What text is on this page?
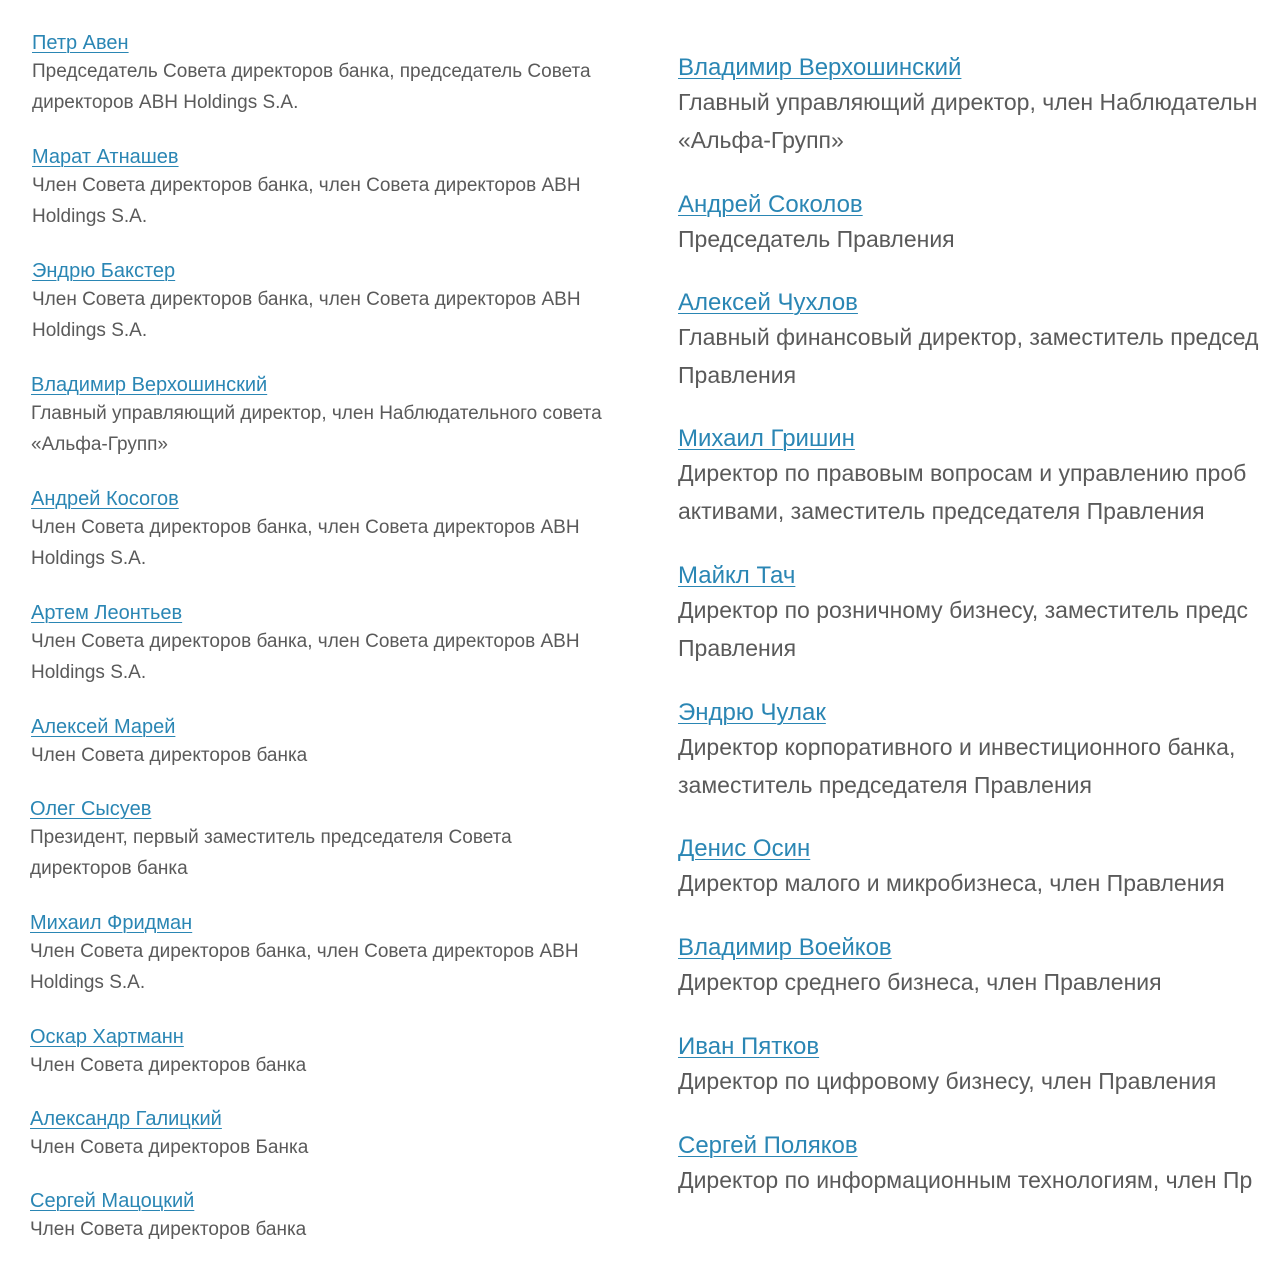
Петр Авен
Председатель Совета директоров банка, председатель Совета директоров АВН Holdings S.A.
Марат Атнашев
Член Совета директоров банка, член Совета директоров АВН Holdings S.A.
Эндрю Бакстер
Член Совета директоров банка, член Совета директоров АВН Holdings S.A.
Владимир Верхошинский
Главный управляющий директор, член Наблюдательного совета «Альфа-Групп»
Андрей Косогов
Член Совета директоров банка, член Совета директоров АВН Holdings S.A.
Артем Леонтьев
Член Совета директоров банка, член Совета директоров АВН Holdings S.A.
Алексей Марей
Член Совета директоров банка
Олег Сысуев
Президент, первый заместитель председателя Совета директоров банка
Михаил Фридман
Член Совета директоров банка, член Совета директоров АВН Holdings S.A.
Оскар Хартманн
Член Совета директоров банка
Александр Галицкий
Член Совета директоров Банка
Сергей Мацоцкий
Член Совета директоров банка
Владимир Верхошинский
Главный управляющий директор, член Наблюдательн
«Альфа-Групп»
Андрей Соколов
Председатель Правления
Алексей Чухлов
Главный финансовый директор, заместитель председ
Правления
Михаил Гришин
Директор по правовым вопросам и управлению проб
активами, заместитель председателя Правления
Майкл Тач
Директор по розничному бизнесу, заместитель предс
Правления
Эндрю Чулак
Директор корпоративного и инвестиционного банка,
заместитель председателя Правления
Денис Осин
Директор малого и микробизнеса, член Правления
Владимир Воейков
Директор среднего бизнеса, член Правления
Иван Пятков
Директор по цифровому бизнесу, член Правления
Сергей Поляков
Директор по информационным технологиям, член Пр
